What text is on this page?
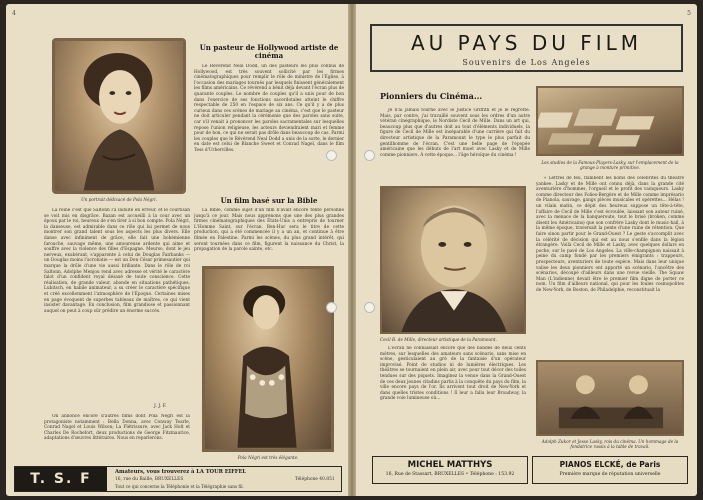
4
Un portrait dédicacé de Pola Négri.
Un pasteur de Hollywood artiste de cinéma

Le Révérend Neal Dodd, un des pasteurs les plus connus de Hollywood, est très souvent sollicité par les firmes cinématographiques pour remplir le rôle de ministre de l'Église, à l'occasion des mariages tournés par lesquels finissent généralement les films américains. Ce révérend a bénit déjà devant l'écran plus de quarante couples. Le nombre de couples qu'il a unis pour de bon dans l'exercice de ses fonctions sacerdotales atteint le chiffre respectable de 250 en l'espace de six ans. Ce qu'il y a de plus curieux dans ces scènes de mariage au cinéma, c'est que le pasteur ne doit articuler pendant la cérémonie que des paroles sans suite, car s'il venait à prononcer les paroles sacramentales sur lesquelles repose l'union religieuse, les acteurs deviendraient mari et femme pour de bon, ce qui ne serait pas drôle dans beaucoup de cas. Parmi les couples que le Révérend Neal Dodd a unis de la sorte, le dernier en date est celui de Blanche Sweet et Conrad Nagel, dans le film Tess d'Urbervilles.

Un film basé sur la Bible

La Bible, comme sujet d'un film n'avait encore tenté personne jusqu'à ce jour. Mais nous apprenons que une des plus grandes firmes cinématographiques des États-Unis a entrepris de tourner L'Homme Saint, sur l'écran. Ben-Hur sera le titre de cette production, qui a été commencée il y a un an, et continue à être filmée en Palestine. Parmi les scènes, du plus grand intérêt, qui seront tournées dans ce film, figurent la naissance du Christ, la propagation de la parole sainte, etc.

La reine c'est que Saltonn l'a induite en erreur, et le courtisan se voit mis en disgrâce. Bazan est accueilli à la cour avec un époux par le roi, heureux de s'en tirer à si bon compte. Pola Négri, la danseuse, est admirable dans ce rôle qui lui permet de nous montrer son grand talent sous les aspects les plus divers. Elle danse avec infiniment de grâce, elle fait une bohémienne farouche, sauvage même, une amoureuse ardente qui aime et souffre avec la violence des filles d'Espagne. Meurso, dont le jeu nerveux, exubérant, s'apparente à celui de Douglas Fairbanks — un Douglas moins l'acrobatie — est un Don César primesautier qui marque la drôle d'une vie aussi brillante. Dans le rôle de roi Saltonn, Adolphe Menjou rend avec adresse et vérité le caractère falot d'un confident royal désaxé de toute conscience. Cette réalisation, de grande valeur, abonde en situations pathétiques. Lubitsch, en habile animateur, a su créer le caractère spécifique et créé excellemment l'atmosphère de l'Époque. Certaines mises en page évoquent de superbes tableaux de maîtres, ce qui vient insister davantage. En conclusion, film grandiose et passionnant auquel on peut à coup sûr prédire un énorme succès.

J. J. F.

On annonce encore d'autres films dont Pola Négri est la protagoniste notamment : Bella Donna, avec Conway Tearle, Conrad Nagel et Louis Wilson; La Flétrissure, avec Jack Holt et Charles De Rochefort, deux productions de George Fitzmaurice, adaptations d'œuvres littéraires. Nous en reparlerons.

Pola Négri est très élégante.
T. S. F	Amateurs, vous trouverez à LA TOUR EIFFEL
16, rue du Baille, BRUXELLES	Téléphone 40.851
Tout ce qui concerne la Téléphonie et la Télégraphie sans fil.
5
AU PAYS DU FILM
Souvenirs de Los Angeles
Pionniers du Cinéma...

Je n'ai jamais tourné avec le Justice Griffith et je le regrette. Mais, par contre, j'ai travaillé souvent sous les ordres d'un autre vétéran cinégraphique, le Nordiste Cecil de Mille. Dans un art qui, beaucoup plus que d'autres doit au tout d'éléments individuels, la figure de Cecil de Mille est inséparable d'une carrière qui fait du directeur artistique de la Paramount le type le plus parfait du gentilhomme de l'écran. C'est une belle page de l'épopée américaine que les débuts de l'art muet avec Lasky et de Mille comme pionniers. À cette époque... l'âge héroïque du cinéma !

Les studios de la Famous-Players-Lasky, sur l'emplacement de la grange à monture primitive.
Cecil B. de Mille, directeur artistique de la Paramount.

L'écran ne connaissait encore que des bandes de deux cents mètres, sur lesquelles des amateurs sans scénario, sans mise en scène, gesticulaient au gré de la fantaisie d'un opérateur improvisé. Point de studios ni de lumières électriques. Les théâtres se tournaient en plein air, avec pour tout décor des toiles tendues sur des piquets. Imaginez la venue dans la Grand-Ouest de ces deux jeunes citadins partis à la conquête du pays du film, la ville encore pays de l'or. Ils arrivent tout droit de New-York et dans quelles tristes conditions ! Il leur a fallu leur Broadway, la grande voie lumineuse où...

« Lettres de feu, flambent les noms des célébrités du théâtre yankee. Lasky et de Mille ont connu déjà, dans la grande cité aventurière d'hommes, l'orgueil et le profit des vainqueurs. Lasky comme directeur des Folies-Bergère et de Mille comme imprésario de Pianola, sauvage, gangs pièces musicales et opérettes... Hélas ! un vilain matin, ce dépit des heureux suppose un tête-à-tête, l'affaire de Cecil de Mille c'est écroulée, laissant son auteur ruiné, avec la menace de la banqueroute, tout le brisé (broken, comme disent les Américains) que son confrère Lasky dont le music-hall, à la même époque, traversait la pente d'une ruine de rétention. Que faire sinon partir pour le Grand-Ouest ? Le geste s'accomplit avec la célérité de décision qui est au nous s'enfile dans la légion étrangère. Voilà Cecil de Mille et Lasky, avec quelques dollars en poche, sur le pavé de Los Angeles. La ville-champignon naissait à peine du camp fondé par les premiers émigrants : trappeurs, prospecteurs, aventuriers de toute espèce. Mais dans leur unique valise les deux pionniers ont apporté un scénario, l'ancêtre des scénarios, découpé d'ailleurs dans une revue vieille. The Squaw Man (L'indienne) devait être le premier film digne de porter ce nom. Un film d'ailleurs national, qui pour les foules cosmopolites de New-York, de Boston, de Philadelphie, reconstituait la

Adolph Zukor et Jesse Lasky, rois du cinéma. Un hommage de la fondatrice rassis à la table de travail.
MICHEL MATTHYS
16, Rue de Stassart, BRUXELLES • Téléphone : 153.92
PIANOS ELCKÉ, de Paris
Première marque de réputation universelle
